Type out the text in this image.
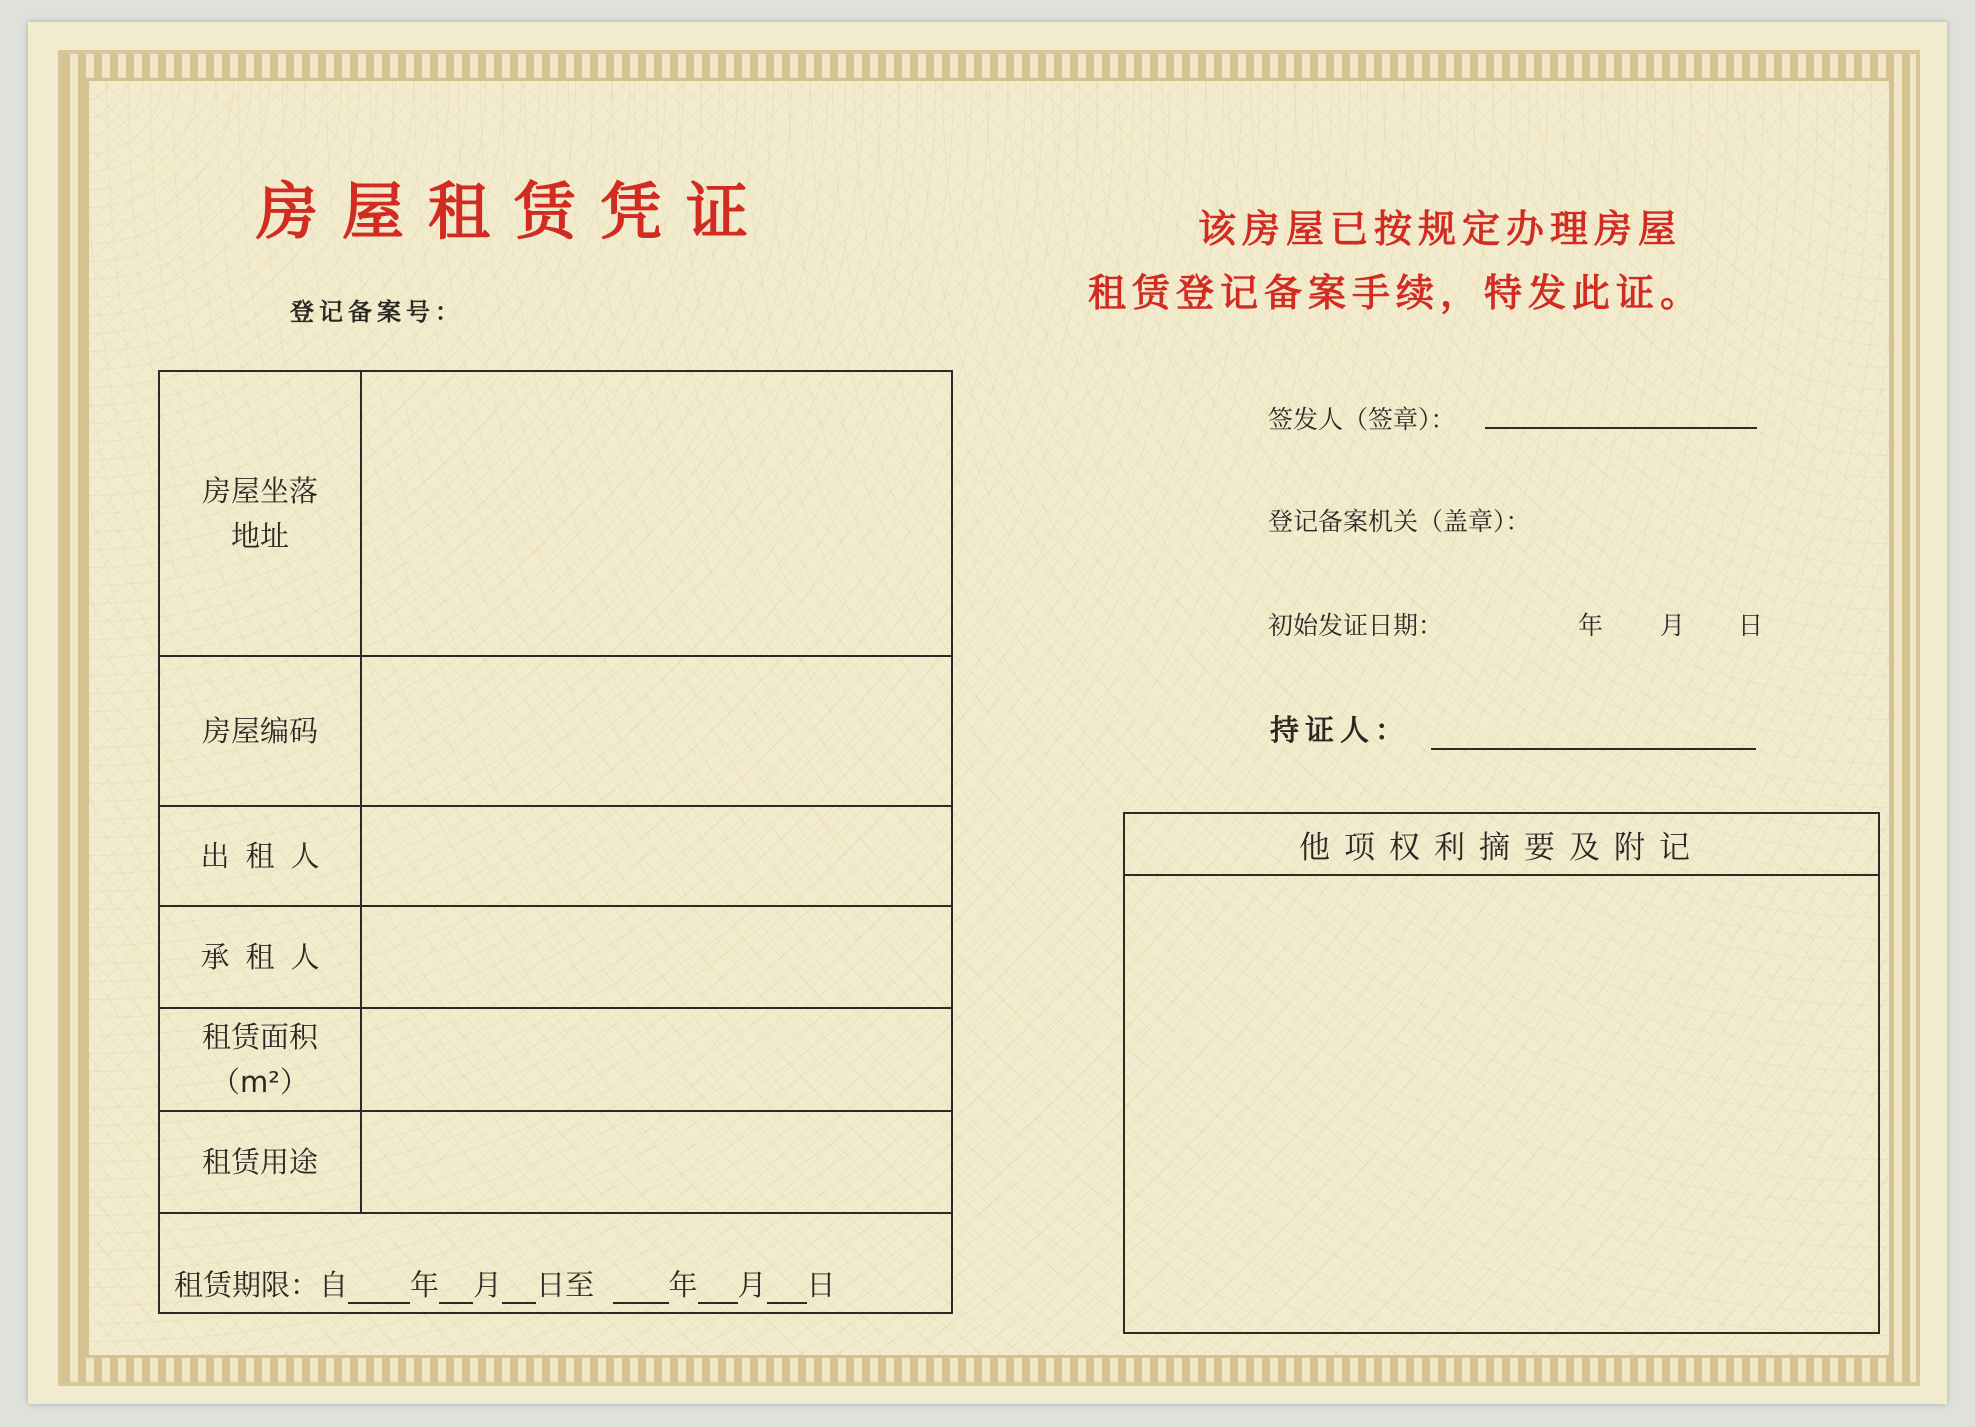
房屋租赁凭证	该房屋已按规定办理房屋
租赁登记备案手续，特发此证。
登记备案号：
房屋坐落
地址
房屋编码
出租人
承租人
租赁面积
（m²）
租赁用途
租赁期限：自 年 月 日至	年 月 日
签发人（签章）：
登记备案机关（盖章）：
初始发证日期：	年 月 日
持证人：
他项权利摘要及附记
